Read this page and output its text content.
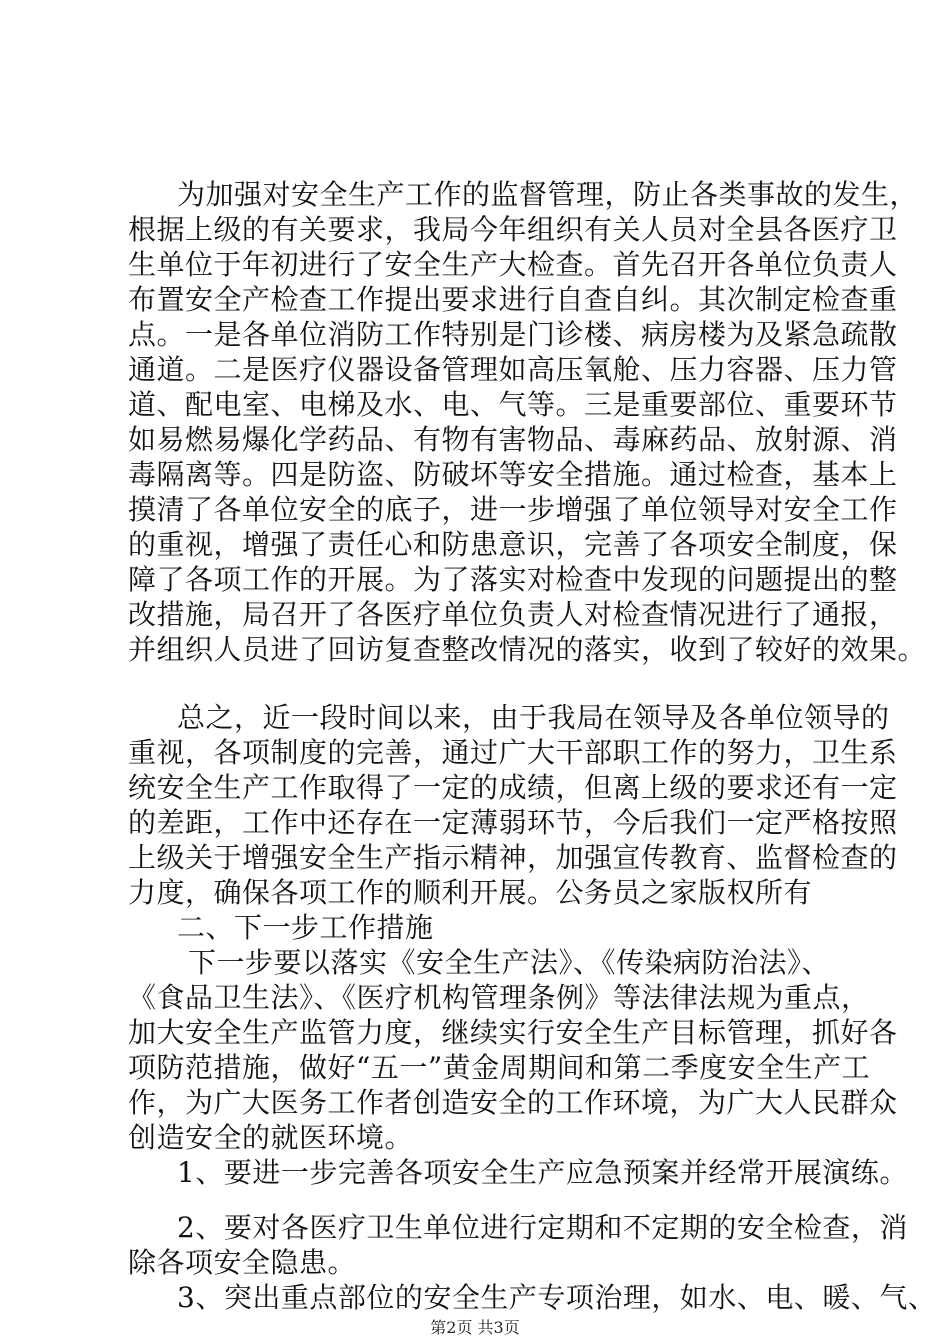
为加强对安全生产工作的监督管理，防止各类事故的发生，
根据上级的有关要求，我局今年组织有关人员对全县各医疗卫
生单位于年初进行了安全生产大检查。首先召开各单位负责人
布置安全产检查工作提出要求进行自查自纠。其次制定检查重
点。一是各单位消防工作特别是门诊楼、病房楼为及紧急疏散
通道。二是医疗仪器设备管理如高压氧舱、压力容器、压力管
道、配电室、电梯及水、电、气等。三是重要部位、重要环节
如易燃易爆化学药品、有物有害物品、毒麻药品、放射源、消
毒隔离等。四是防盗、防破坏等安全措施。通过检查，基本上
摸清了各单位安全的底子，进一步增强了单位领导对安全工作
的重视，增强了责任心和防患意识，完善了各项安全制度，保
障了各项工作的开展。为了落实对检查中发现的问题提出的整
改措施，局召开了各医疗单位负责人对检查情况进行了通报，
并组织人员进了回访复查整改情况的落实，收到了较好的效果。
总之，近一段时间以来，由于我局在领导及各单位领导的
重视，各项制度的完善，通过广大干部职工作的努力，卫生系
统安全生产工作取得了一定的成绩，但离上级的要求还有一定
的差距，工作中还存在一定薄弱环节，今后我们一定严格按照
上级关于增强安全生产指示精神，加强宣传教育、监督检查的
力度，确保各项工作的顺利开展。公务员之家版权所有
二、下一步工作措施
下一步要以落实《安全生产法》、《传染病防治法》、
《食品卫生法》、《医疗机构管理条例》等法律法规为重点，
加大安全生产监管力度，继续实行安全生产目标管理，抓好各
项防范措施，做好“五一”黄金周期间和第二季度安全生产工
作，为广大医务工作者创造安全的工作环境，为广大人民群众
创造安全的就医环境。
1、要进一步完善各项安全生产应急预案并经常开展演练。
2、要对各医疗卫生单位进行定期和不定期的安全检查，消
除各项安全隐患。
3、突出重点部位的安全生产专项治理，如水、电、暖、气、
第2页 共3页
